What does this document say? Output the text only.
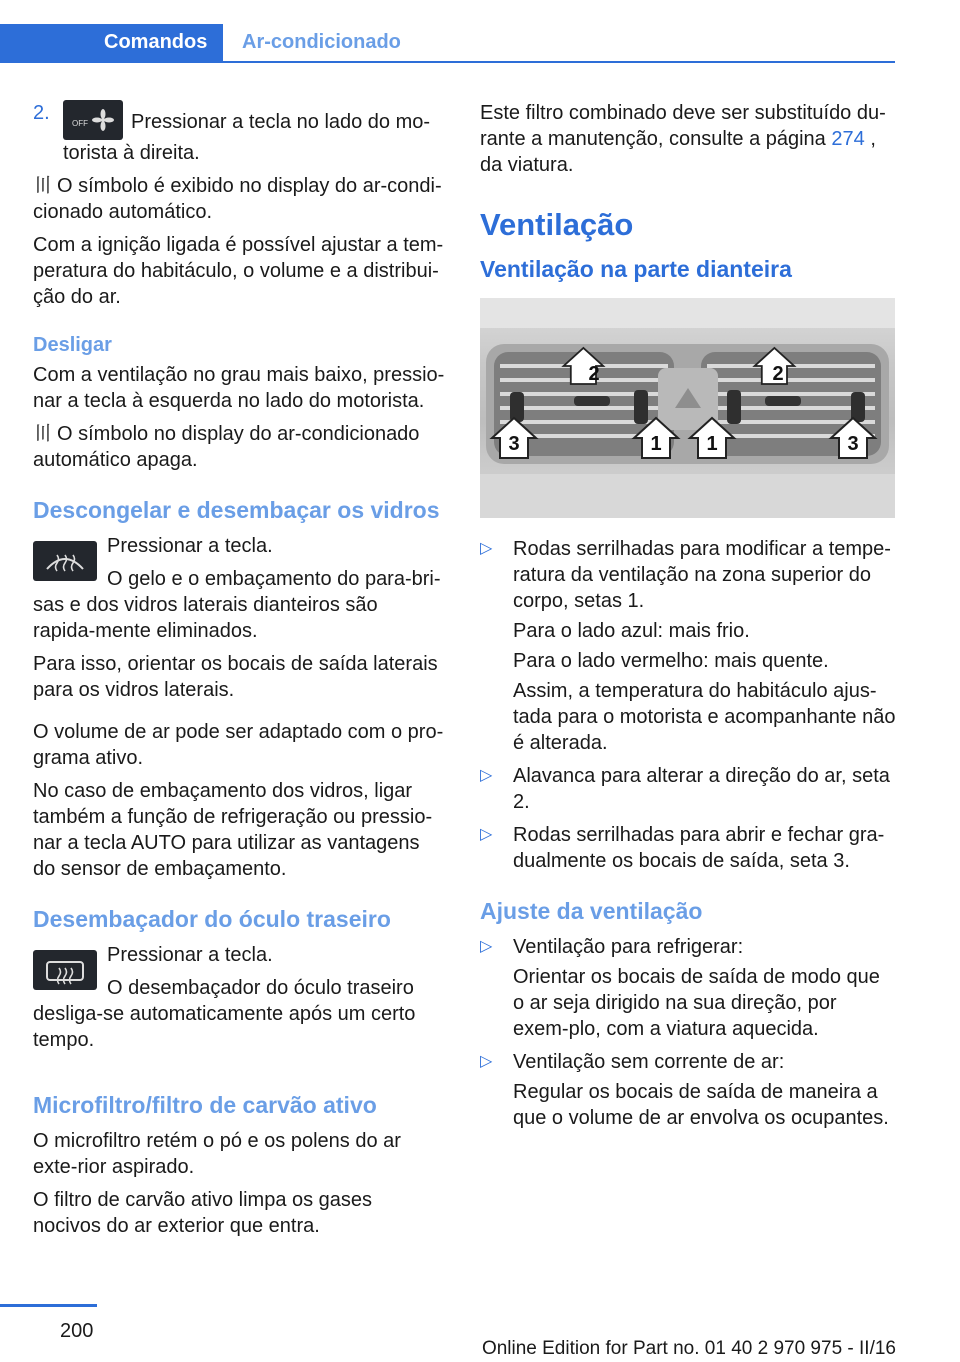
Comandos	Ar-condicionado

2.	OFF Pressionar a tecla no lado do mo-torista à direita.

〣 O símbolo é exibido no display do ar-condi-cionado automático.

Com a ignição ligada é possível ajustar a tem-peratura do habitáculo, o volume e a distribui-ção do ar.

Desligar

Com a ventilação no grau mais baixo, pressio-nar a tecla à esquerda no lado do motorista.

〣 O símbolo no display do ar-condicionado automático apaga.

Descongelar e desembaçar os vidros

Pressionar a tecla.

O gelo e o embaçamento do para-bri-sas e dos vidros laterais dianteiros são rapida-mente eliminados.

Para isso, orientar os bocais de saída laterais para os vidros laterais.

O volume de ar pode ser adaptado com o pro-grama ativo.

No caso de embaçamento dos vidros, ligar também a função de refrigeração ou pressio-nar a tecla AUTO para utilizar as vantagens do sensor de embaçamento.

Desembaçador do óculo traseiro

Pressionar a tecla.

O desembaçador do óculo traseiro desliga-se automaticamente após um certo tempo.

Microfiltro/filtro de carvão ativo

O microfiltro retém o pó e os polens do ar exte-rior aspirado.

O filtro de carvão ativo limpa os gases nocivos do ar exterior que entra.

Este filtro combinado deve ser substituído du-rante a manutenção, consulte a página 274 , da viatura.

Ventilação
Ventilação na parte dianteira
2	2
3	1 1	3
▷ Rodas serrilhadas para modificar a tempe-ratura da ventilação na zona superior do corpo, setas 1.

Para o lado azul: mais frio.

Para o lado vermelho: mais quente.

Assim, a temperatura do habitáculo ajus-tada para o motorista e acompanhante não é alterada.

▷ Alavanca para alterar a direção do ar, seta 2.
▷ Rodas serrilhadas para abrir e fechar gra-dualmente os bocais de saída, seta 3.
Ajuste da ventilação
▷ Ventilação para refrigerar:

Orientar os bocais de saída de modo que o ar seja dirigido na sua direção, por exem-plo, com a viatura aquecida.

▷ Ventilação sem corrente de ar:

Regular os bocais de saída de maneira a que o volume de ar envolva os ocupantes.

200
Online Edition for Part no. 01 40 2 970 975 - II/16
